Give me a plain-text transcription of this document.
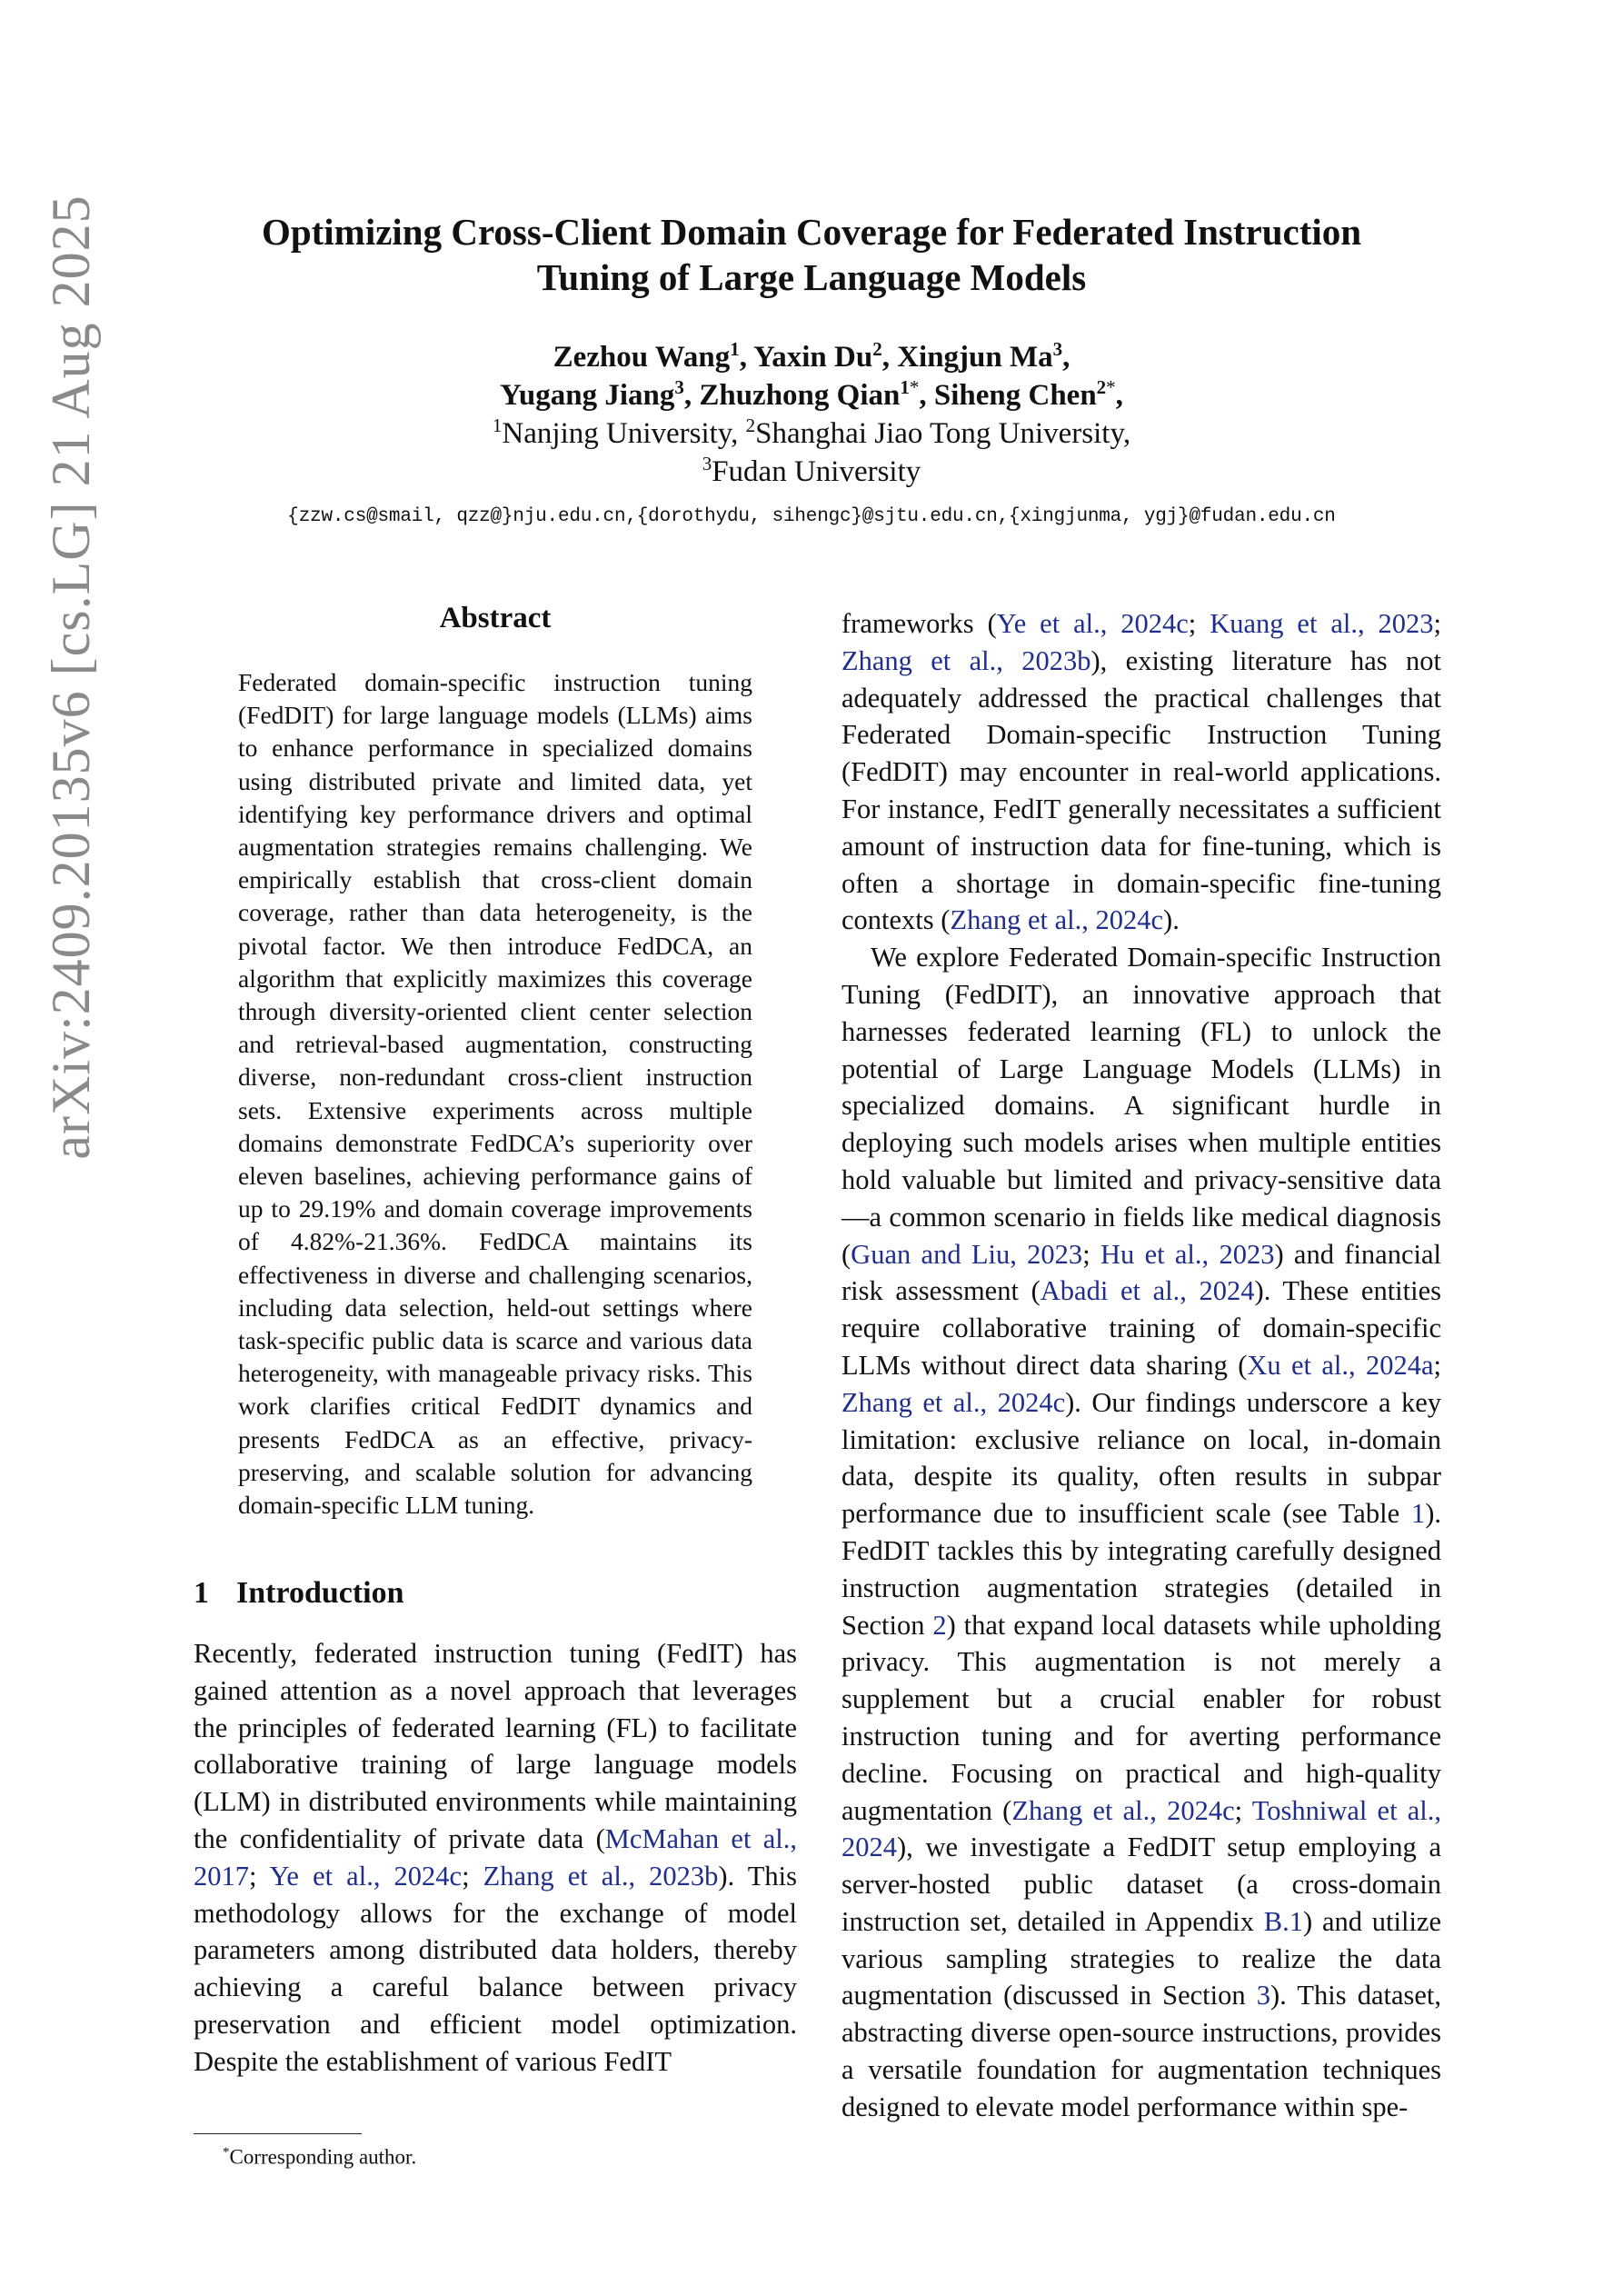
arXiv:2409.20135v6 [cs.LG] 21 Aug 2025	Optimizing Cross-Client Domain Coverage for Federated Instruction
Tuning of Large Language Models
Zezhou Wang$^1$, Yaxin Du$^2$, Xingjun Ma$^3$,
Yugang Jiang$^3$, Zhuzhong Qian$^{1*}$, Siheng Chen$^{2*}$,
$^1$Nanjing University, $^2$Shanghai Jiao Tong University,
$^3$Fudan University
{zzw.cs@smail, qzz@}nju.edu.cn,{dorothydu, sihengc}@sjtu.edu.cn,{xingjunma, ygj}@fudan.edu.cn
Abstract
Federated domain-specific instruction tuning (FedDIT) for large language models (LLMs) aims to enhance performance in specialized domains using distributed private and limited data, yet identifying key performance drivers and optimal augmentation strategies remains challenging. We empirically establish that cross-client domain coverage, rather than data heterogeneity, is the pivotal factor. We then introduce FedDCA, an algorithm that explicitly maximizes this coverage through diversity-oriented client center selection and retrieval-based augmentation, constructing diverse, non-redundant cross-client instruction sets. Extensive experiments across multiple domains demonstrate FedDCA’s superiority over eleven baselines, achieving performance gains of up to 29.19% and domain coverage improvements of 4.82%-21.36%. FedDCA maintains its effectiveness in diverse and challenging scenarios, including data selection, held-out settings where task-specific public data is scarce and various data heterogeneity, with manageable privacy risks. This work clarifies critical FedDIT dynamics and presents FedDCA as an effective, privacy-preserving, and scalable solution for advancing domain-specific LLM tuning.
1 Introduction

Recently, federated instruction tuning (FedIT) has gained attention as a novel approach that leverages the principles of federated learning (FL) to facilitate collaborative training of large language models (LLM) in distributed environments while maintaining the confidentiality of private data (McMahan et al., 2017; Ye et al., 2024c; Zhang et al., 2023b). This methodology allows for the exchange of model parameters among distributed data holders, thereby achieving a careful balance between privacy preservation and efficient model optimization. Despite the establishment of various FedIT

frameworks (Ye et al., 2024c; Kuang et al., 2023; Zhang et al., 2023b), existing literature has not adequately addressed the practical challenges that Federated Domain-specific Instruction Tuning (FedDIT) may encounter in real-world applications. For instance, FedIT generally necessitates a sufficient amount of instruction data for fine-tuning, which is often a shortage in domain-specific fine-tuning contexts (Zhang et al., 2024c).

We explore Federated Domain-specific Instruction Tuning (FedDIT), an innovative approach that harnesses federated learning (FL) to unlock the potential of Large Language Models (LLMs) in specialized domains. A significant hurdle in deploying such models arises when multiple entities hold valuable but limited and privacy-sensitive data—a common scenario in fields like medical diagnosis (Guan and Liu, 2023; Hu et al., 2023) and financial risk assessment (Abadi et al., 2024). These entities require collaborative training of domain-specific LLMs without direct data sharing (Xu et al., 2024a; Zhang et al., 2024c). Our findings underscore a key limitation: exclusive reliance on local, in-domain data, despite its quality, often results in subpar performance due to insufficient scale (see Table 1). FedDIT tackles this by integrating carefully designed instruction augmentation strategies (detailed in Section 2) that expand local datasets while upholding privacy. This augmentation is not merely a supplement but a crucial enabler for robust instruction tuning and for averting performance decline. Focusing on practical and high-quality augmentation (Zhang et al., 2024c; Toshniwal et al., 2024), we investigate a FedDIT setup employing a server-hosted public dataset (a cross-domain instruction set, detailed in Appendix B.1) and utilize various sampling strategies to realize the data augmentation (discussed in Section 3). This dataset, abstracting diverse open-source instructions, provides a versatile foundation for augmentation techniques designed to elevate model performance within spe-

*Corresponding author.
